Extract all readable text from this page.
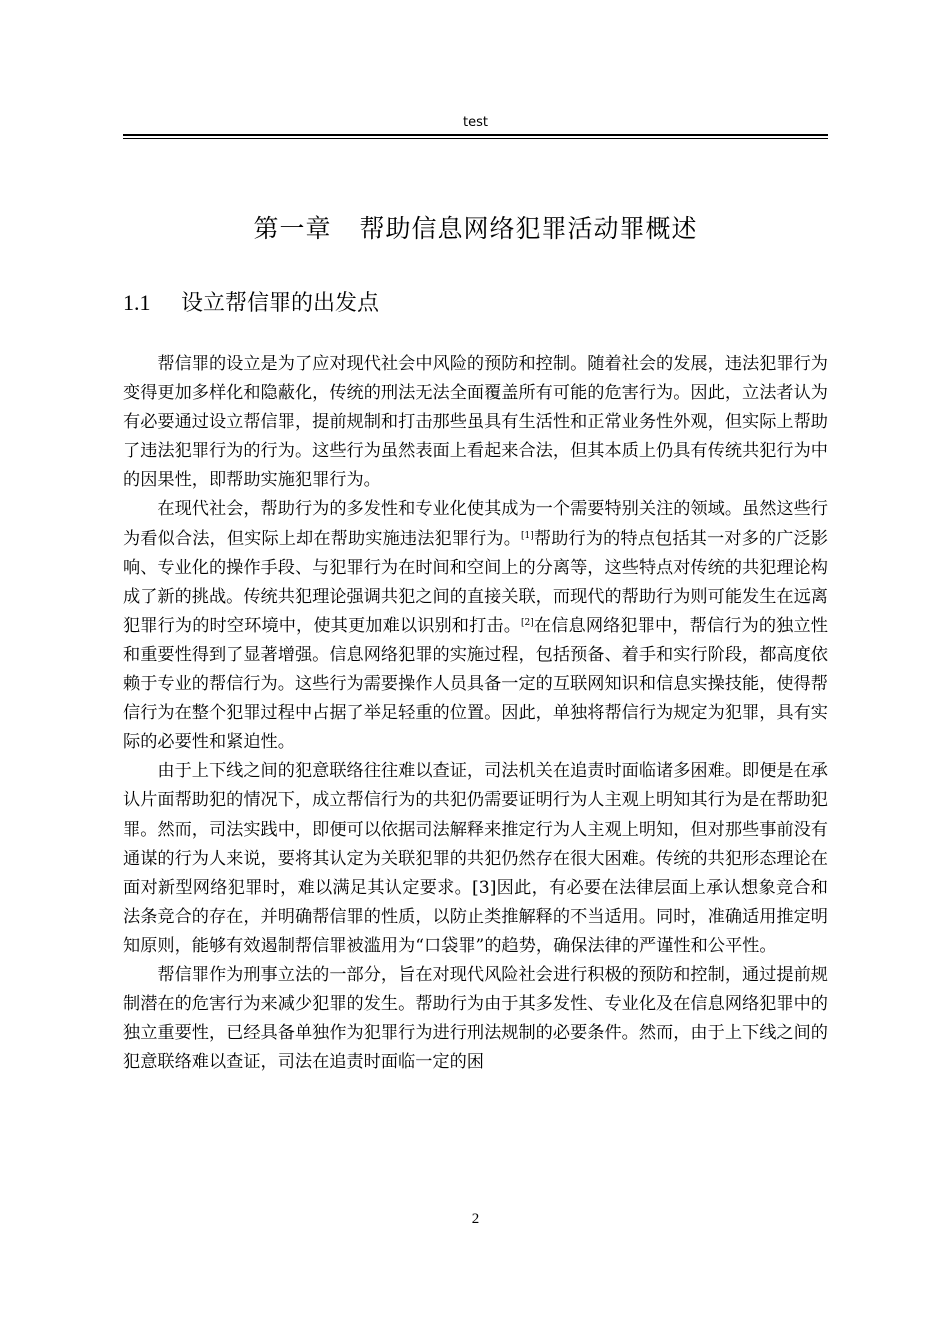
test
第一章 帮助信息网络犯罪活动罪概述
1.1 设立帮信罪的出发点

帮信罪的设立是为了应对现代社会中风险的预防和控制。随着社会的发展，违法犯罪行为变得更加多样化和隐蔽化，传统的刑法无法全面覆盖所有可能的危害行为。因此，立法者认为有必要通过设立帮信罪，提前规制和打击那些虽具有生活性和正常业务性外观，但实际上帮助了违法犯罪行为的行为。这些行为虽然表面上看起来合法，但其本质上仍具有传统共犯行为中的因果性，即帮助实施犯罪行为。

在现代社会，帮助行为的多发性和专业化使其成为一个需要特别关注的领域。虽然这些行为看似合法，但实际上却在帮助实施违法犯罪行为。[1]帮助行为的特点包括其一对多的广泛影响、专业化的操作手段、与犯罪行为在时间和空间上的分离等，这些特点对传统的共犯理论构成了新的挑战。传统共犯理论强调共犯之间的直接关联，而现代的帮助行为则可能发生在远离犯罪行为的时空环境中，使其更加难以识别和打击。[2]在信息网络犯罪中，帮信行为的独立性和重要性得到了显著增强。信息网络犯罪的实施过程，包括预备、着手和实行阶段，都高度依赖于专业的帮信行为。这些行为需要操作人员具备一定的互联网知识和信息实操技能，使得帮信行为在整个犯罪过程中占据了举足轻重的位置。因此，单独将帮信行为规定为犯罪，具有实际的必要性和紧迫性。

由于上下线之间的犯意联络往往难以查证，司法机关在追责时面临诸多困难。即便是在承认片面帮助犯的情况下，成立帮信行为的共犯仍需要证明行为人主观上明知其行为是在帮助犯罪。然而，司法实践中，即便可以依据司法解释来推定行为人主观上明知，但对那些事前没有通谋的行为人来说，要将其认定为关联犯罪的共犯仍然存在很大困难。传统的共犯形态理论在面对新型网络犯罪时，难以满足其认定要求。[3]因此，有必要在法律层面上承认想象竞合和法条竞合的存在，并明确帮信罪的性质，以防止类推解释的不当适用。同时，准确适用推定明知原则，能够有效遏制帮信罪被滥用为“口袋罪”的趋势，确保法律的严谨性和公平性。

帮信罪作为刑事立法的一部分，旨在对现代风险社会进行积极的预防和控制，通过提前规制潜在的危害行为来减少犯罪的发生。帮助行为由于其多发性、专业化及在信息网络犯罪中的独立重要性，已经具备单独作为犯罪行为进行刑法规制的必要条件。然而，由于上下线之间的犯意联络难以查证，司法在追责时面临一定的困

2
